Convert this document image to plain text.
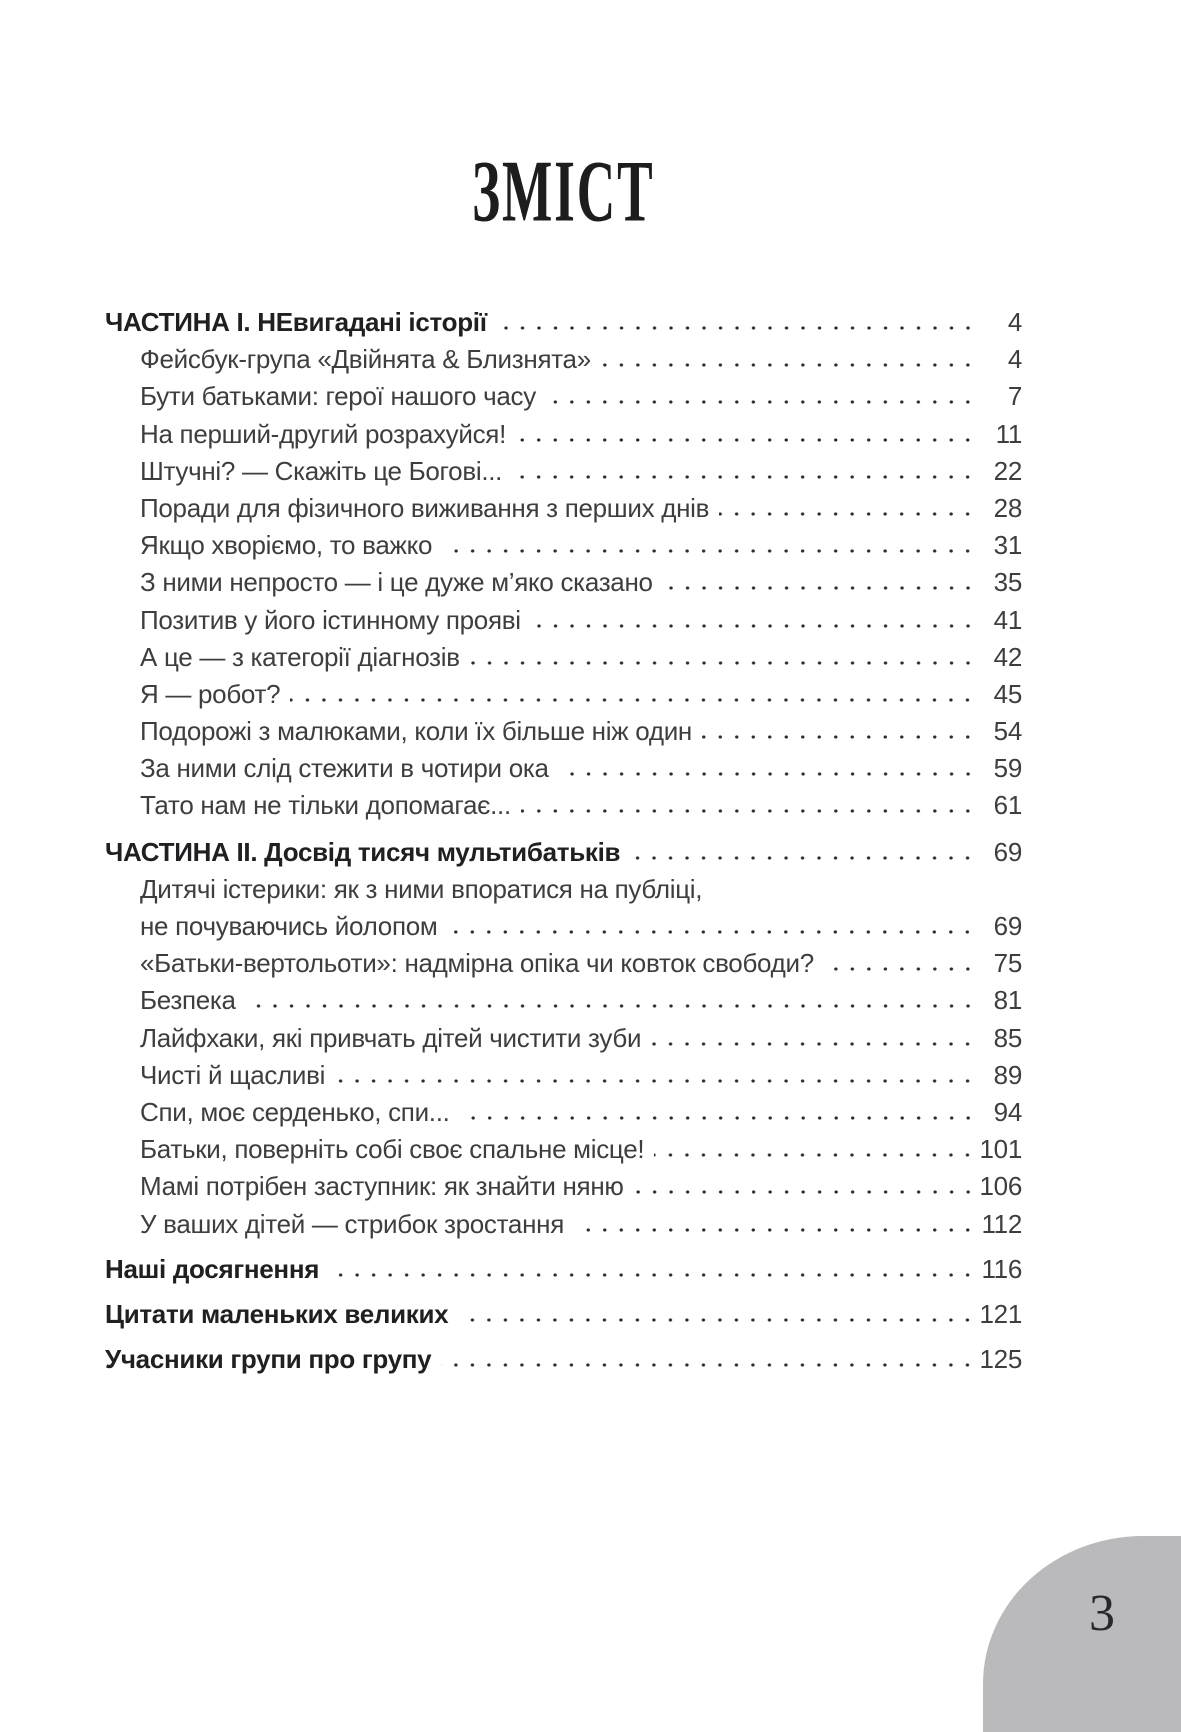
ЗМІСТ
ЧАСТИНА І. НЕвигадані історії	4
Фейсбук-група «Двійнята & Близнята»	4
Бути батьками: герої нашого часу	7
На перший-другий розрахуйся!	11
Штучні? — Скажіть це Богові...	22
Поради для фізичного виживання з перших днів	28
Якщо хворіємо, то важко	31
З ними непросто — і це дуже м’яко сказано	35
Позитив у його істинному прояві	41
А це — з категорії діагнозів	42
Я — робот?	45
Подорожі з малюками, коли їх більше ніж один	54
За ними слід стежити в чотири ока	59
Тато нам не тільки допомагає...	61
ЧАСТИНА ІІ. Досвід тисяч мультибатьків	69
Дитячі істерики: як з ними впоратися на публіці,
не почуваючись йолопом	69
«Батьки-вертольоти»: надмірна опіка чи ковток свободи?	75
Безпека	81
Лайфхаки, які привчать дітей чистити зуби	85
Чисті й щасливі	89
Спи, моє серденько, спи...	94
Батьки, поверніть собі своє спальне місце!	101
Мамі потрібен заступник: як знайти няню	106
У ваших дітей — стрибок зростання	112
Наші досягнення	116
Цитати маленьких великих	121
Учасники групи про групу	125
3
